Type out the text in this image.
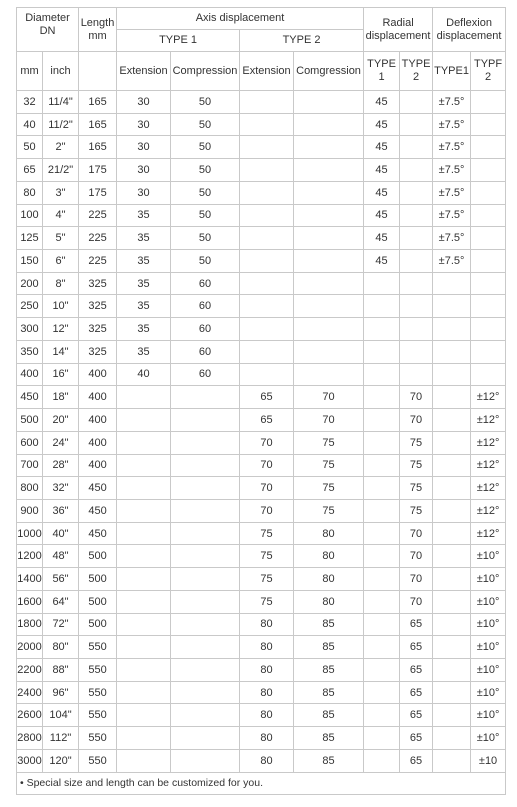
Diameter DN		Length mm	Axis displacement				Radial displacement		Deflexion displacement	
			TYPE 1		TYPE 2					
mm	inch		Extension	Compression	Extension	Comgression	TYPE 1	TYPE 2	TYPE1	TYPF 2
32	11/4"	165	30	50			45		±7.5°	
40	11/2"	165	30	50			45		±7.5°	
50	2"	165	30	50			45		±7.5°	
65	21/2"	175	30	50			45		±7.5°	
80	3"	175	30	50			45		±7.5°	
100	4"	225	35	50			45		±7.5°	
125	5"	225	35	50			45		±7.5°	
150	6"	225	35	50			45		±7.5°	
200	8"	325	35	60						
250	10"	325	35	60						
300	12"	325	35	60						
350	14"	325	35	60						
400	16"	400	40	60						
450	18"	400			65	70		70		±12°
500	20"	400			65	70		70		±12°
600	24"	400			70	75		75		±12°
700	28"	400			70	75		75		±12°
800	32"	450			70	75		75		±12°
900	36"	450			70	75		75		±12°
1000	40"	450			75	80		70		±12°
1200	48"	500			75	80		70		±10°
1400	56"	500			75	80		70		±10°
1600	64"	500			75	80		70		±10°
1800	72"	500			80	85		65		±10°
2000	80"	550			80	85		65		±10°
2200	88"	550			80	85		65		±10°
2400	96"	550			80	85		65		±10°
2600	104"	550			80	85		65		±10°
2800	112"	550			80	85		65		±10°
3000	120"	550			80	85		65		±10
• Special size and length can be customized for you.										
